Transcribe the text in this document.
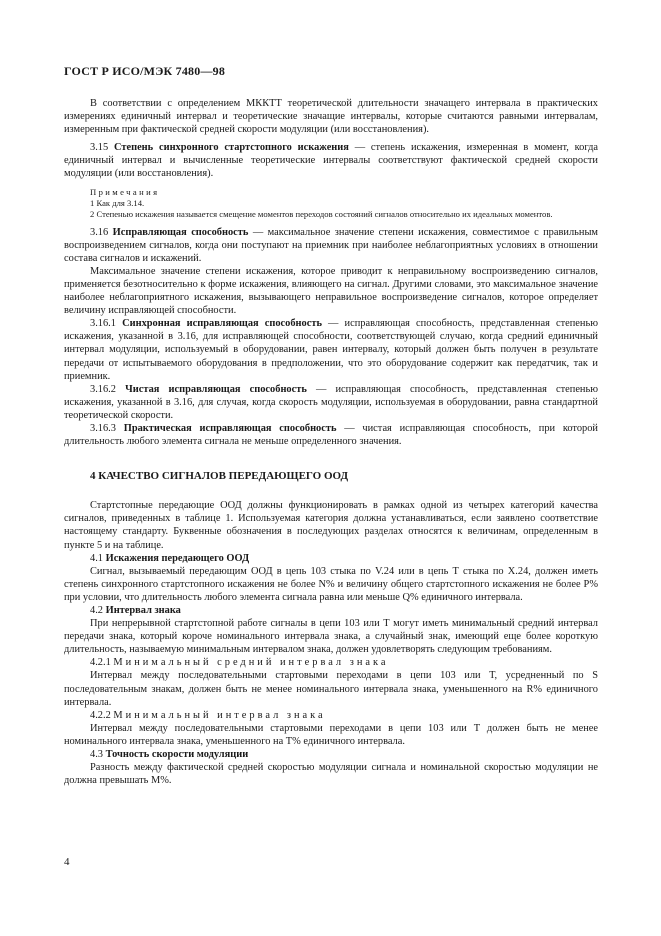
ГОСТ Р ИСО/МЭК 7480—98

В соответствии с определением МККТТ теоретической длительности значащего интервала в практических измерениях единичный интервал и теоретические значащие интервалы, которые считаются равными интервалам, измеренным при фактической средней скорости модуляции (или восстановления).

3.15 Степень синхронного стартстопного искажения — степень искажения, измеренная в момент, когда единичный интервал и вычисленные теоретические интервалы соответствуют фактической средней скорости модуляции (или восстановления).

Примечания

1 Как для 3.14.

2 Степенью искажения называется смещение моментов переходов состояний сигналов относительно их идеальных моментов.

3.16 Исправляющая способность — максимальное значение степени искажения, совместимое с правильным воспроизведением сигналов, когда они поступают на приемник при наиболее неблагоприятных условиях в отношении состава сигналов и искажений.

Максимальное значение степени искажения, которое приводит к неправильному воспроизведению сигналов, применяется безотносительно к форме искажения, влияющего на сигнал. Другими словами, это максимальное значение наиболее неблагоприятного искажения, вызывающего неправильное воспроизведение сигналов, которое определяет величину исправляющей способности.

3.16.1 Синхронная исправляющая способность — исправляющая способность, представленная степенью искажения, указанной в 3.16, для исправляющей способности, соответствующей случаю, когда средний единичный интервал модуляции, используемый в оборудовании, равен интервалу, который должен быть получен в результате передачи от испытываемого оборудования в предположении, что это оборудование содержит как передатчик, так и приемник.

3.16.2 Чистая исправляющая способность — исправляющая способность, представленная степенью искажения, указанной в 3.16, для случая, когда скорость модуляции, используемая в оборудовании, равна стандартной теоретической скорости.

3.16.3 Практическая исправляющая способность — чистая исправляющая способность, при которой длительность любого элемента сигнала не меньше определенного значения.

4 КАЧЕСТВО СИГНАЛОВ ПЕРЕДАЮЩЕГО ООД

Стартстопные передающие ООД должны функционировать в рамках одной из четырех категорий качества сигналов, приведенных в таблице 1. Используемая категория должна устанавливаться, если заявлено соответствие настоящему стандарту. Буквенные обозначения в последующих разделах относятся к величинам, определенным в пункте 5 и на таблице.

4.1 Искажения передающего ООД

Сигнал, вызываемый передающим ООД в цепь 103 стыка по V.24 или в цепь Т стыка по Х.24, должен иметь степень синхронного стартстопного искажения не более N% и величину общего стартстопного искажения не более P% при условии, что длительность любого элемента сигнала равна или меньше Q% единичного интервала.

4.2 Интервал знака

При непрерывной стартстопной работе сигналы в цепи 103 или Т могут иметь минимальный средний интервал передачи знака, который короче номинального интервала знака, а случайный знак, имеющий еще более короткую длительность, называемую минимальным интервалом знака, должен удовлетворять следующим требованиям.

4.2.1 Минимальный средний интервал знака

Интервал между последовательными стартовыми переходами в цепи 103 или Т, усредненный по S последовательным знакам, должен быть не менее номинального интервала знака, уменьшенного на R% единичного интервала.

4.2.2 Минимальный интервал знака

Интервал между последовательными стартовыми переходами в цепи 103 или Т должен быть не менее номинального интервала знака, уменьшенного на Т% единичного интервала.

4.3 Точность скорости модуляции

Разность между фактической средней скоростью модуляции сигнала и номинальной скоростью модуляции не должна превышать М%.

4
